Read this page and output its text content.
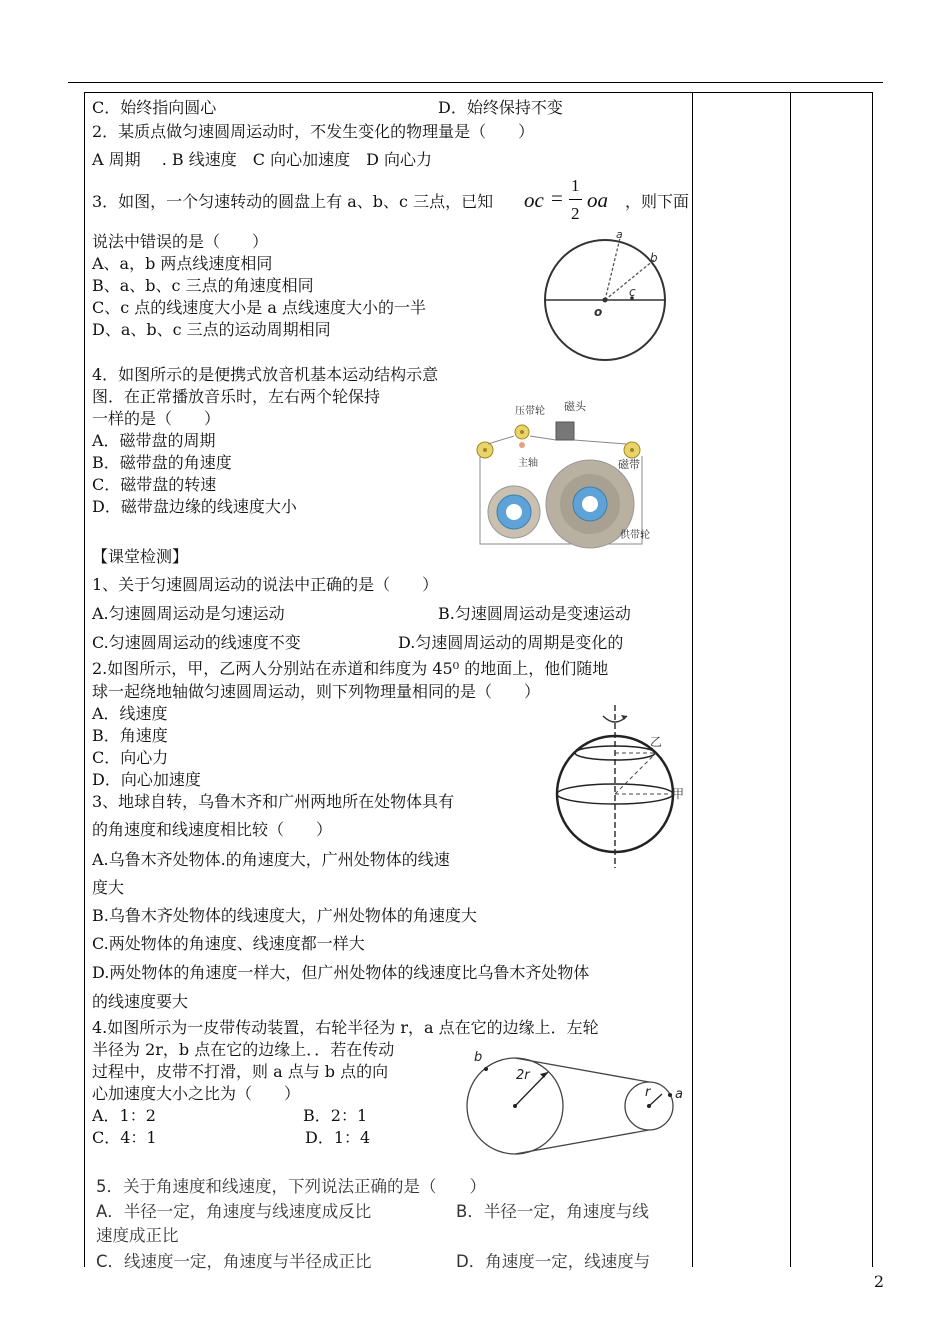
C．始终指向圆心	D．始终保持不变
2．某质点做匀速圆周运动时，不发生变化的物理量是（　　）
A 周期 　. B 线速度　C 向心加速度　D 向心力
3．如图，一个匀速转动的圆盘上有 a、b、c 三点，已知	，则下面
说法中错误的是（　　）
A、a，b 两点线速度相同
B、a、b、c 三点的角速度相同
C、c 点的线速度大小是 a 点线速度大小的一半
D、a、b、c 三点的运动周期相同
4．如图所示的是便携式放音机基本运动结构示意
图．在正常播放音乐时，左右两个轮保持
一样的是（　　）
A．磁带盘的周期
B．磁带盘的角速度
C．磁带盘的转速
D．磁带盘边缘的线速度大小
【课堂检测】
1、关于匀速圆周运动的说法中正确的是（　　）
A.匀速圆周运动是匀速运动	B.匀速圆周运动是变速运动
C.匀速圆周运动的线速度不变	D.匀速圆周运动的周期是变化的
2.如图所示，甲，乙两人分别站在赤道和纬度为 45⁰ 的地面上，他们随地
球一起绕地轴做匀速圆周运动，则下列物理量相同的是（　　）
A．线速度
B．角速度
C．向心力
D．向心加速度
3、地球自转，乌鲁木齐和广州两地所在处物体具有
的角速度和线速度相比较（　　）
A.乌鲁木齐处物体.的角速度大，广州处物体的线速
度大
B.乌鲁木齐处物体的线速度大，广州处物体的角速度大
C.两处物体的角速度、线速度都一样大
D.两处物体的角速度一样大，但广州处物体的线速度比乌鲁木齐处物体
的线速度要大
4.如图所示为一皮带传动装置，右轮半径为 r，a 点在它的边缘上．左轮
半径为 2r，b 点在它的边缘上．．若在传动
过程中，皮带不打滑，则 a 点与 b 点的向
心加速度大小之比为（　　）
A．1：2	B．2：1
C．4：1	D．1：4
5．关于角速度和线速度，下列说法正确的是（　　）
A．半径一定，角速度与线速度成反比	B．半径一定，角速度与线
速度成正比
C．线速度一定，角速度与半径成正比	D．角速度一定，线速度与
oc =
1
2
oa
a
b
c
o
压带轮 磁头
主轴	磁带
供带轮
乙
甲
b
2r
r a
2
